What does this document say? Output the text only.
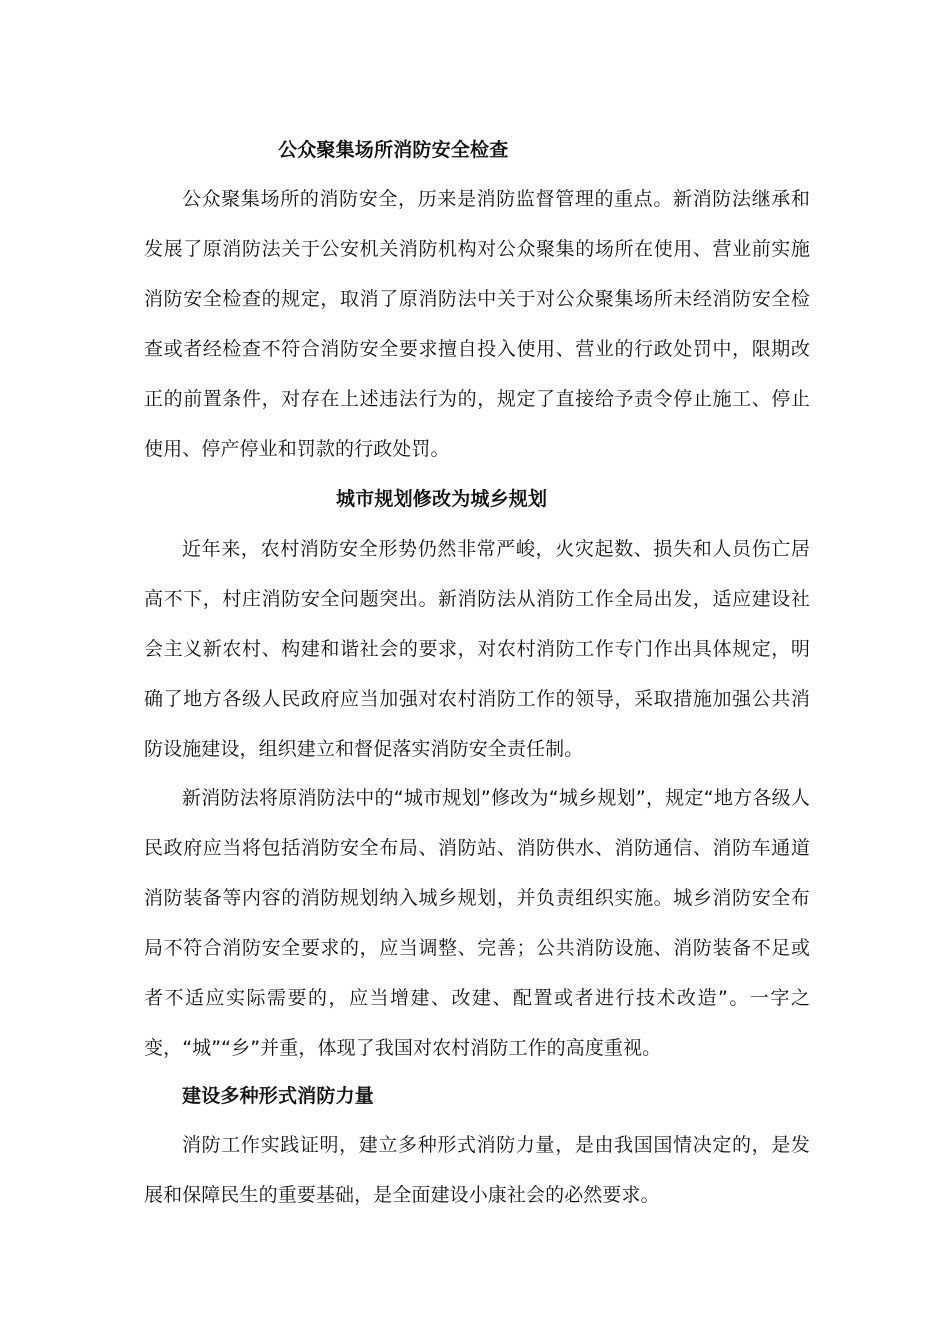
公众聚集场所消防安全检查

公众聚集场所的消防安全，历来是消防监督管理的重点。新消防法继承和发展了原消防法关于公安机关消防机构对公众聚集的场所在使用、营业前实施消防安全检查的规定，取消了原消防法中关于对公众聚集场所未经消防安全检查或者经检查不符合消防安全要求擅自投入使用、营业的行政处罚中，限期改正的前置条件，对存在上述违法行为的，规定了直接给予责令停止施工、停止使用、停产停业和罚款的行政处罚。

城市规划修改为城乡规划

近年来，农村消防安全形势仍然非常严峻，火灾起数、损失和人员伤亡居高不下，村庄消防安全问题突出。新消防法从消防工作全局出发，适应建设社会主义新农村、构建和谐社会的要求，对农村消防工作专门作出具体规定，明确了地方各级人民政府应当加强对农村消防工作的领导，采取措施加强公共消防设施建设，组织建立和督促落实消防安全责任制。

新消防法将原消防法中的“城市规划”修改为“城乡规划”，规定“地方各级人民政府应当将包括消防安全布局、消防站、消防供水、消防通信、消防车通道消防装备等内容的消防规划纳入城乡规划，并负责组织实施。城乡消防安全布局不符合消防安全要求的，应当调整、完善；公共消防设施、消防装备不足或者不适应实际需要的，应当增建、改建、配置或者进行技术改造”。一字之变，“城”“乡”并重，体现了我国对农村消防工作的高度重视。

建设多种形式消防力量

消防工作实践证明，建立多种形式消防力量，是由我国国情决定的，是发展和保障民生的重要基础，是全面建设小康社会的必然要求。
